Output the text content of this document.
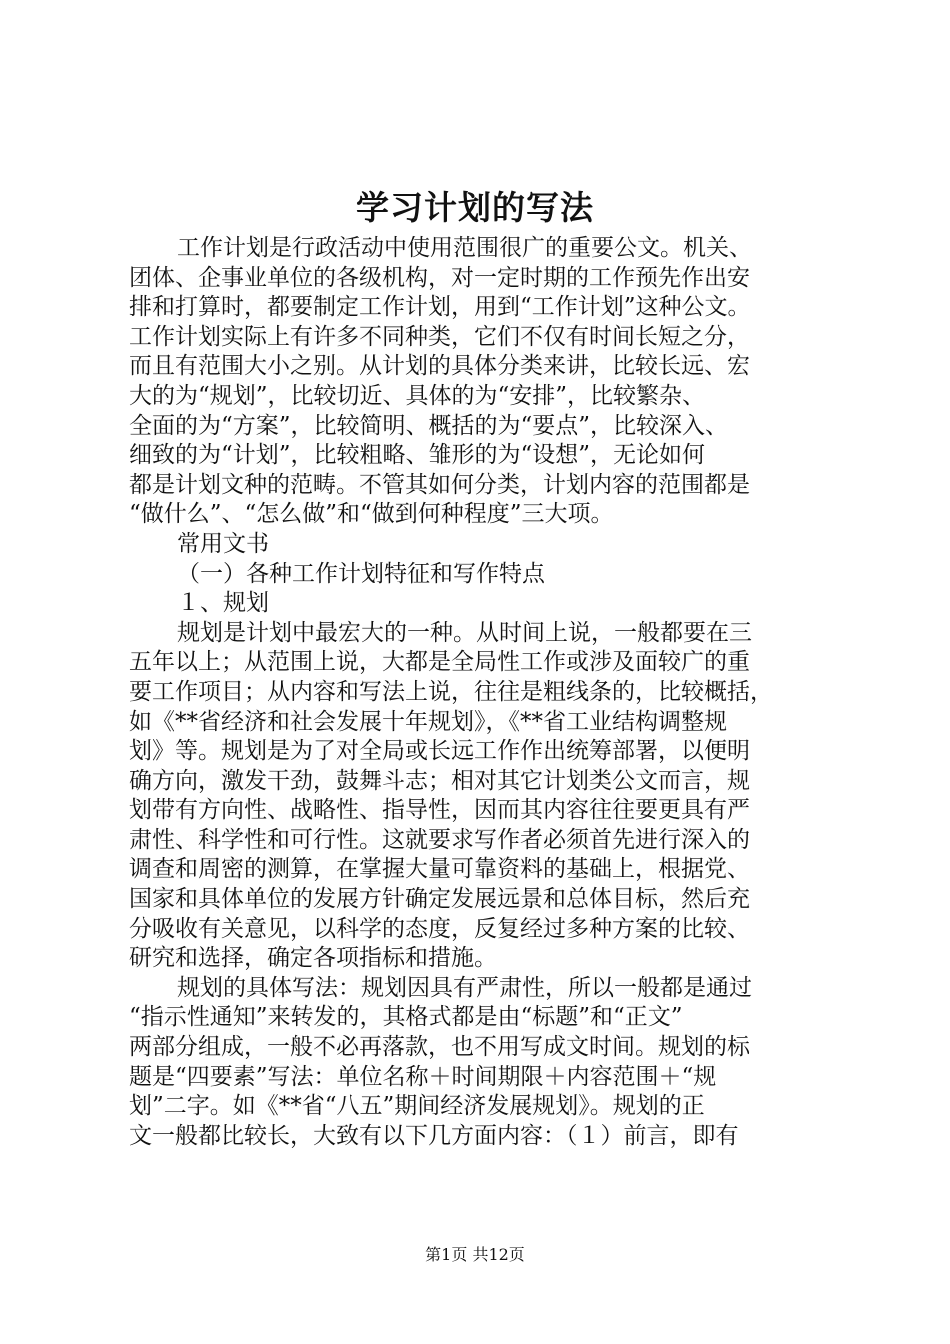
学习计划的写法
工作计划是行政活动中使用范围很广的重要公文。机关、
团体、企事业单位的各级机构，对一定时期的工作预先作出安
排和打算时，都要制定工作计划，用到“工作计划”这种公文。
工作计划实际上有许多不同种类，它们不仅有时间长短之分，
而且有范围大小之别。从计划的具体分类来讲，比较长远、宏
大的为“规划”，比较切近、具体的为“安排”，比较繁杂、
全面的为“方案”，比较简明、概括的为“要点”，比较深入、
细致的为“计划”，比较粗略、雏形的为“设想”，无论如何
都是计划文种的范畴。不管其如何分类，计划内容的范围都是
“做什么”、“怎么做”和“做到何种程度”三大项。
常用文书
（一）各种工作计划特征和写作特点
１、规划
规划是计划中最宏大的一种。从时间上说，一般都要在三
五年以上；从范围上说，大都是全局性工作或涉及面较广的重
要工作项目；从内容和写法上说，往往是粗线条的，比较概括，
如《**省经济和社会发展十年规划》，《**省工业结构调整规
划》等。规划是为了对全局或长远工作作出统筹部署，以便明
确方向，激发干劲，鼓舞斗志；相对其它计划类公文而言，规
划带有方向性、战略性、指导性，因而其内容往往要更具有严
肃性、科学性和可行性。这就要求写作者必须首先进行深入的
调查和周密的测算，在掌握大量可靠资料的基础上，根据党、
国家和具体单位的发展方针确定发展远景和总体目标，然后充
分吸收有关意见，以科学的态度，反复经过多种方案的比较、
研究和选择，确定各项指标和措施。
规划的具体写法：规划因具有严肃性，所以一般都是通过
“指示性通知”来转发的，其格式都是由“标题”和“正文”
两部分组成，一般不必再落款，也不用写成文时间。规划的标
题是“四要素”写法：单位名称＋时间期限＋内容范围＋“规
划”二字。如《**省“八五”期间经济发展规划》。规划的正
文一般都比较长，大致有以下几方面内容：（１）前言，即有
第1页 共12页
